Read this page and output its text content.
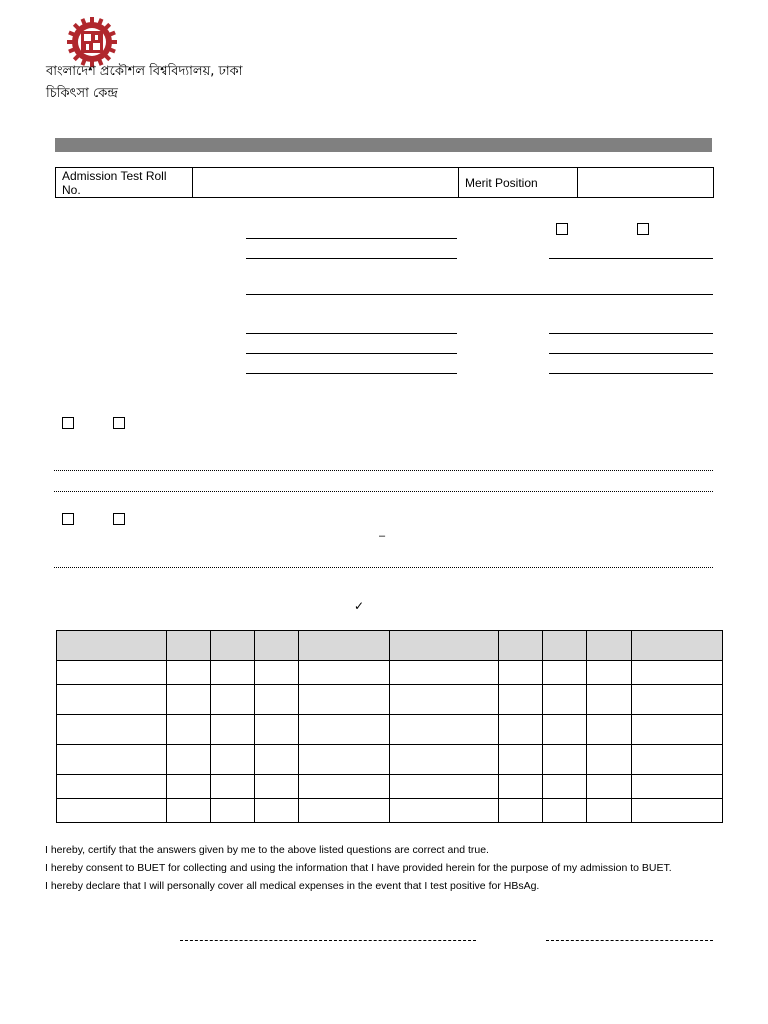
বাংলাদেশ প্রকৌশল বিশ্ববিদ্যালয়, ঢাকা
চিকিৎসা কেন্দ্র
Admission Test Roll No.		Merit Position	
–
✓

I hereby, certify that the answers given by me to the above listed questions are correct and true.
I hereby consent to BUET for collecting and using the information that I have provided herein for the purpose of my admission to BUET.
I hereby declare that I will personally cover all medical expenses in the event that I test positive for HBsAg.
